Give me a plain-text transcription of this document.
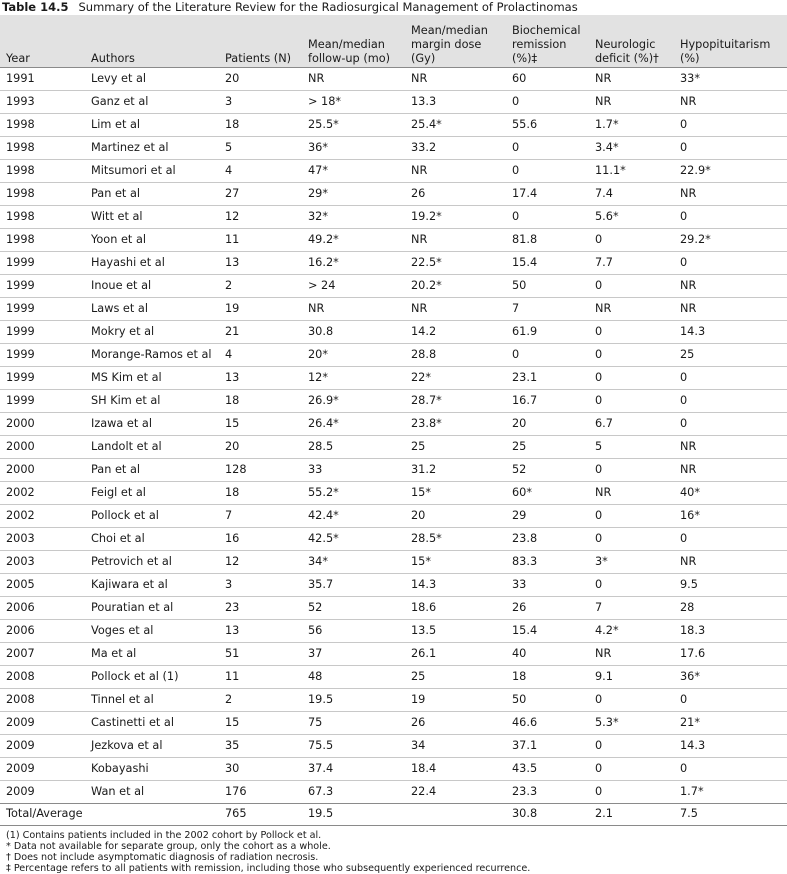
Table 14.5 Summary of the Literature Review for the Radiosurgical Management of Prolactinomas
Year	Authors	Patients (N)	Mean/median follow-up (mo)	Mean/median margin dose (Gy)	Biochemical remission (%)‡	Neurologic deficit (%)†	Hypopituitarism (%)
1991	Levy et al	20	NR	NR	60	NR	33*
1993	Ganz et al	3	> 18*	13.3	0	NR	NR
1998	Lim et al	18	25.5*	25.4*	55.6	1.7*	0
1998	Martinez et al	5	36*	33.2	0	3.4*	0
1998	Mitsumori et al	4	47*	NR	0	11.1*	22.9*
1998	Pan et al	27	29*	26	17.4	7.4	NR
1998	Witt et al	12	32*	19.2*	0	5.6*	0
1998	Yoon et al	11	49.2*	NR	81.8	0	29.2*
1999	Hayashi et al	13	16.2*	22.5*	15.4	7.7	0
1999	Inoue et al	2	> 24	20.2*	50	0	NR
1999	Laws et al	19	NR	NR	7	NR	NR
1999	Mokry et al	21	30.8	14.2	61.9	0	14.3
1999	Morange-Ramos et al	4	20*	28.8	0	0	25
1999	MS Kim et al	13	12*	22*	23.1	0	0
1999	SH Kim et al	18	26.9*	28.7*	16.7	0	0
2000	Izawa et al	15	26.4*	23.8*	20	6.7	0
2000	Landolt et al	20	28.5	25	25	5	NR
2000	Pan et al	128	33	31.2	52	0	NR
2002	Feigl et al	18	55.2*	15*	60*	NR	40*
2002	Pollock et al	7	42.4*	20	29	0	16*
2003	Choi et al	16	42.5*	28.5*	23.8	0	0
2003	Petrovich et al	12	34*	15*	83.3	3*	NR
2005	Kajiwara et al	3	35.7	14.3	33	0	9.5
2006	Pouratian et al	23	52	18.6	26	7	28
2006	Voges et al	13	56	13.5	15.4	4.2*	18.3
2007	Ma et al	51	37	26.1	40	NR	17.6
2008	Pollock et al (1)	11	48	25	18	9.1	36*
2008	Tinnel et al	2	19.5	19	50	0	0
2009	Castinetti et al	15	75	26	46.6	5.3*	21*
2009	Jezkova et al	35	75.5	34	37.1	0	14.3
2009	Kobayashi	30	37.4	18.4	43.5	0	0
2009	Wan et al	176	67.3	22.4	23.3	0	1.7*
Total/Average		765	19.5		30.8	2.1	7.5
(1) Contains patients included in the 2002 cohort by Pollock et al.
* Data not available for separate group, only the cohort as a whole.
† Does not include asymptomatic diagnosis of radiation necrosis.
‡ Percentage refers to all patients with remission, including those who subsequently experienced recurrence.
